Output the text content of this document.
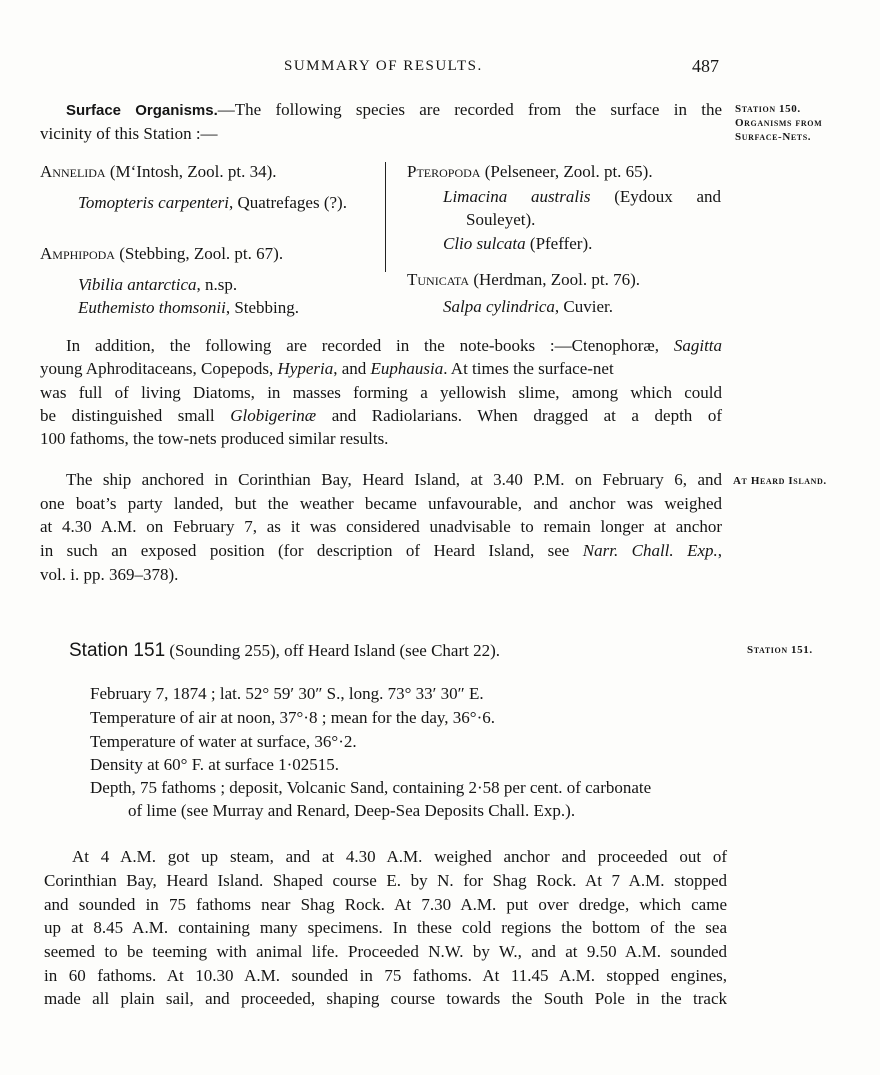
SUMMARY OF RESULTS.	487
Station 150.
Organisms from
Surface-Nets.
Surface Organisms.—The following species are recorded from the surface in the
vicinity of this Station :—
Annelida (M‘Intosh, Zool. pt. 34).
Tomopteris carpenteri, Quatrefages (?).
Amphipoda (Stebbing, Zool. pt. 67).
Vibilia antarctica, n.sp.
Euthemisto thomsonii, Stebbing.
Pteropoda (Pelseneer, Zool. pt. 65).
Limacina australis (Eydoux and
Souleyet).
Clio sulcata (Pfeffer).
Tunicata (Herdman, Zool. pt. 76).
Salpa cylindrica, Cuvier.
In addition, the following are recorded in the note-books :—Ctenophoræ, Sagitta
young Aphroditaceans, Copepods, Hyperia, and Euphausia. At times the surface-net
was full of living Diatoms, in masses forming a yellowish slime, among which could
be distinguished small Globigerinæ and Radiolarians. When dragged at a depth of
100 fathoms, the tow-nets produced similar results.
At Heard Island.
The ship anchored in Corinthian Bay, Heard Island, at 3.40 P.M. on February 6, and
one boat’s party landed, but the weather became unfavourable, and anchor was weighed
at 4.30 A.M. on February 7, as it was considered unadvisable to remain longer at anchor
in such an exposed position (for description of Heard Island, see Narr. Chall. Exp.,
vol. i. pp. 369–378).
Station 151 (Sounding 255), off Heard Island (see Chart 22).	Station 151.
February 7, 1874 ; lat. 52° 59′ 30″ S., long. 73° 33′ 30″ E.
Temperature of air at noon, 37°·8 ; mean for the day, 36°·6.
Temperature of water at surface, 36°·2.
Density at 60° F. at surface 1·02515.
Depth, 75 fathoms ; deposit, Volcanic Sand, containing 2·58 per cent. of carbonate
of lime (see Murray and Renard, Deep-Sea Deposits Chall. Exp.).
At 4 A.M. got up steam, and at 4.30 A.M. weighed anchor and proceeded out of
Corinthian Bay, Heard Island. Shaped course E. by N. for Shag Rock. At 7 A.M. stopped
and sounded in 75 fathoms near Shag Rock. At 7.30 A.M. put over dredge, which came
up at 8.45 A.M. containing many specimens. In these cold regions the bottom of the sea
seemed to be teeming with animal life. Proceeded N.W. by W., and at 9.50 A.M. sounded
in 60 fathoms. At 10.30 A.M. sounded in 75 fathoms. At 11.45 A.M. stopped engines,
made all plain sail, and proceeded, shaping course towards the South Pole in the track
